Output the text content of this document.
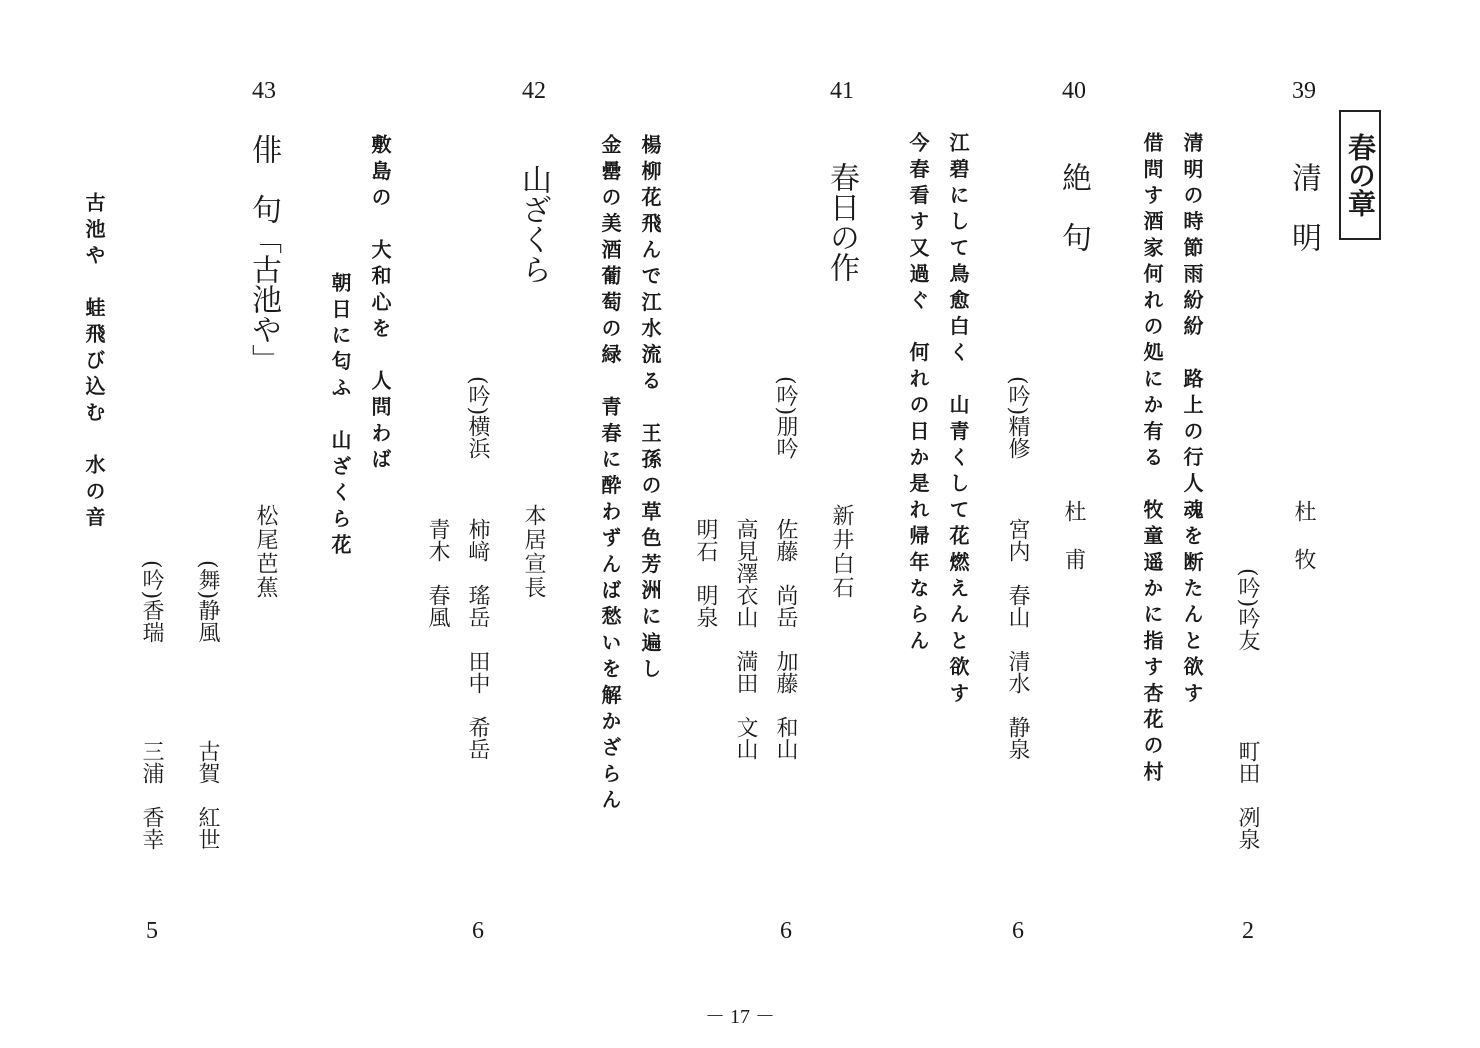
春の章
39
清　明
杜　牧
清明の時節雨紛紛　路上の行人魂を断たんと欲す
借問す酒家何れの処にか有る　牧童遥かに指す杏花の村	(吟)吟友
町田　冽泉
2
40
絶　句
杜　甫
江碧にして鳥愈白く　山青くして花燃えんと欲す
今春看す又過ぐ　何れの日か是れ帰年ならん	(吟)精修
宮内　春山　清水　静泉
6
41
春日の作
新井白石
楊柳花飛んで江水流る　王孫の草色芳洲に遍し
金罍の美酒葡萄の緑　青春に酔わずんば愁いを解かざらん	(吟)朋吟
佐藤　尚岳　加藤　和山
高見澤衣山　満田　文山
明石　明泉
6
42
山ざくら
本居宣長
敷島の　大和心を　人問わば
朝日に匂ふ　山ざくら花	(吟)横浜
柿﨑　瑤岳　田中　希岳
青木　春風
6
43
俳　句「古池や」
松尾芭蕉
古池や　蛙飛び込む　水の音
(舞)静風
古賀　紅世
(吟)香瑞
三浦　香幸
5
－ 17 －
